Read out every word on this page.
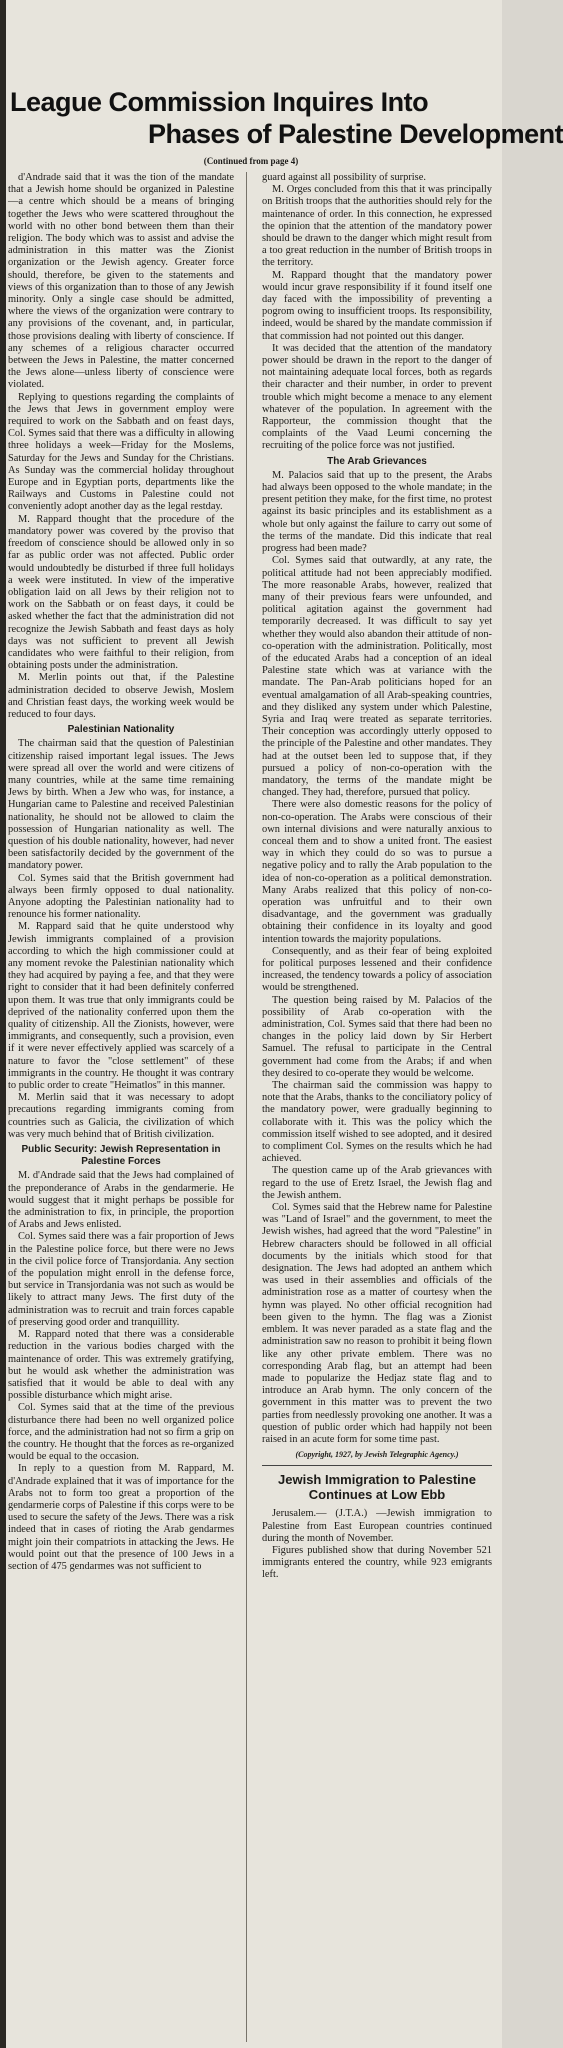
League Commission Inquires Into
Phases of Palestine Development
(Continued from page 4)

d'Andrade said that it was the tion of the mandate that a Jewish home should be organized in Palestine—a centre which should be a means of bringing together the Jews who were scattered throughout the world with no other bond between them than their religion. The body which was to assist and advise the administration in this matter was the Zionist organization or the Jewish agency. Greater force should, therefore, be given to the statements and views of this organization than to those of any Jewish minority. Only a single case should be admitted, where the views of the organization were contrary to any provisions of the covenant, and, in particular, those provisions dealing with liberty of conscience. If any schemes of a religious character occurred between the Jews in Palestine, the matter concerned the Jews alone—unless liberty of conscience were violated.

Replying to questions regarding the complaints of the Jews that Jews in government employ were required to work on the Sabbath and on feast days, Col. Symes said that there was a difficulty in allowing three holidays a week—Friday for the Moslems, Saturday for the Jews and Sunday for the Christians. As Sunday was the commercial holiday throughout Europe and in Egyptian ports, departments like the Railways and Customs in Palestine could not conveniently adopt another day as the legal restday.

M. Rappard thought that the procedure of the mandatory power was covered by the proviso that freedom of conscience should be allowed only in so far as public order was not affected. Public order would undoubtedly be disturbed if three full holidays a week were instituted. In view of the imperative obligation laid on all Jews by their religion not to work on the Sabbath or on feast days, it could be asked whether the fact that the administration did not recognize the Jewish Sabbath and feast days as holy days was not sufficient to prevent all Jewish candidates who were faithful to their religion, from obtaining posts under the administration.

M. Merlin points out that, if the Palestine administration decided to observe Jewish, Moslem and Christian feast days, the working week would be reduced to four days.

Palestinian Nationality

The chairman said that the question of Palestinian citizenship raised important legal issues. The Jews were spread all over the world and were citizens of many countries, while at the same time remaining Jews by birth. When a Jew who was, for instance, a Hungarian came to Palestine and received Palestinian nationality, he should not be allowed to claim the possession of Hungarian nationality as well. The question of his double nationality, however, had never been satisfactorily decided by the government of the mandatory power.

Col. Symes said that the British government had always been firmly opposed to dual nationality. Anyone adopting the Palestinian nationality had to renounce his former nationality.

M. Rappard said that he quite understood why Jewish immigrants complained of a provision according to which the high commissioner could at any moment revoke the Palestinian nationality which they had acquired by paying a fee, and that they were right to consider that it had been definitely conferred upon them. It was true that only immigrants could be deprived of the nationality conferred upon them the quality of citizenship. All the Zionists, however, were immigrants, and consequently, such a provision, even if it were never effectively applied was scarcely of a nature to favor the "close settlement" of these immigrants in the country. He thought it was contrary to public order to create "Heimatlos" in this manner.

M. Merlin said that it was necessary to adopt precautions regarding immigrants coming from countries such as Galicia, the civilization of which was very much behind that of British civilization.

Public Security: Jewish Representation in Palestine Forces

M. d'Andrade said that the Jews had complained of the preponderance of Arabs in the gendarmerie. He would suggest that it might perhaps be possible for the administration to fix, in principle, the proportion of Arabs and Jews enlisted.

Col. Symes said there was a fair proportion of Jews in the Palestine police force, but there were no Jews in the civil police force of Transjordania. Any section of the population might enroll in the defense force, but service in Transjordania was not such as would be likely to attract many Jews. The first duty of the administration was to recruit and train forces capable of preserving good order and tranquillity.

M. Rappard noted that there was a considerable reduction in the various bodies charged with the maintenance of order. This was extremely gratifying, but he would ask whether the administration was satisfied that it would be able to deal with any possible disturbance which might arise.

Col. Symes said that at the time of the previous disturbance there had been no well organized police force, and the administration had not so firm a grip on the country. He thought that the forces as re-organized would be equal to the occasion.

In reply to a question from M. Rappard, M. d'Andrade explained that it was of importance for the Arabs not to form too great a proportion of the gendarmerie corps of Palestine if this corps were to be used to secure the safety of the Jews. There was a risk indeed that in cases of rioting the Arab gendarmes might join their compatriots in attacking the Jews. He would point out that the presence of 100 Jews in a section of 475 gendarmes was not sufficient to

guard against all possibility of surprise.

M. Orges concluded from this that it was principally on British troops that the authorities should rely for the maintenance of order. In this connection, he expressed the opinion that the attention of the mandatory power should be drawn to the danger which might result from a too great reduction in the number of British troops in the territory.

M. Rappard thought that the mandatory power would incur grave responsibility if it found itself one day faced with the impossibility of preventing a pogrom owing to insufficient troops. Its responsibility, indeed, would be shared by the mandate commission if that commission had not pointed out this danger.

It was decided that the attention of the mandatory power should be drawn in the report to the danger of not maintaining adequate local forces, both as regards their character and their number, in order to prevent trouble which might become a menace to any element whatever of the population. In agreement with the Rapporteur, the commission thought that the complaints of the Vaad Leumi concerning the recruiting of the police force was not justified.

The Arab Grievances

M. Palacios said that up to the present, the Arabs had always been opposed to the whole mandate; in the present petition they make, for the first time, no protest against its basic principles and its establishment as a whole but only against the failure to carry out some of the terms of the mandate. Did this indicate that real progress had been made?

Col. Symes said that outwardly, at any rate, the political attitude had not been appreciably modified. The more reasonable Arabs, however, realized that many of their previous fears were unfounded, and political agitation against the government had temporarily decreased. It was difficult to say yet whether they would also abandon their attitude of non-co-operation with the administration. Politically, most of the educated Arabs had a conception of an ideal Palestine state which was at variance with the mandate. The Pan-Arab politicians hoped for an eventual amalgamation of all Arab-speaking countries, and they disliked any system under which Palestine, Syria and Iraq were treated as separate territories. Their conception was accordingly utterly opposed to the principle of the Palestine and other mandates. They had at the outset been led to suppose that, if they pursued a policy of non-co-operation with the mandatory, the terms of the mandate might be changed. They had, therefore, pursued that policy.

There were also domestic reasons for the policy of non-co-operation. The Arabs were conscious of their own internal divisions and were naturally anxious to conceal them and to show a united front. The easiest way in which they could do so was to pursue a negative policy and to rally the Arab population to the idea of non-co-operation as a political demonstration. Many Arabs realized that this policy of non-co-operation was unfruitful and to their own disadvantage, and the government was gradually obtaining their confidence in its loyalty and good intention towards the majority populations.

Consequently, and as their fear of being exploited for political purposes lessened and their confidence increased, the tendency towards a policy of association would be strengthened.

The question being raised by M. Palacios of the possibility of Arab co-operation with the administration, Col. Symes said that there had been no changes in the policy laid down by Sir Herbert Samuel. The refusal to participate in the Central government had come from the Arabs; if and when they desired to co-operate they would be welcome.

The chairman said the commission was happy to note that the Arabs, thanks to the conciliatory policy of the mandatory power, were gradually beginning to collaborate with it. This was the policy which the commission itself wished to see adopted, and it desired to compliment Col. Symes on the results which he had achieved.

The question came up of the Arab grievances with regard to the use of Eretz Israel, the Jewish flag and the Jewish anthem.

Col. Symes said that the Hebrew name for Palestine was "Land of Israel" and the government, to meet the Jewish wishes, had agreed that the word "Palestine" in Hebrew characters should be followed in all official documents by the initials which stood for that designation. The Jews had adopted an anthem which was used in their assemblies and officials of the administration rose as a matter of courtesy when the hymn was played. No other official recognition had been given to the hymn. The flag was a Zionist emblem. It was never paraded as a state flag and the administration saw no reason to prohibit it being flown like any other private emblem. There was no corresponding Arab flag, but an attempt had been made to popularize the Hedjaz state flag and to introduce an Arab hymn. The only concern of the government in this matter was to prevent the two parties from needlessly provoking one another. It was a question of public order which had happily not been raised in an acute form for some time past.

(Copyright, 1927, by Jewish Telegraphic Agency.)
Jewish Immigration to Palestine Continues at Low Ebb

Jerusalem.— (J.T.A.) —Jewish immigration to Palestine from East European countries continued during the month of November.

Figures published show that during November 521 immigrants entered the country, while 923 emigrants left.
